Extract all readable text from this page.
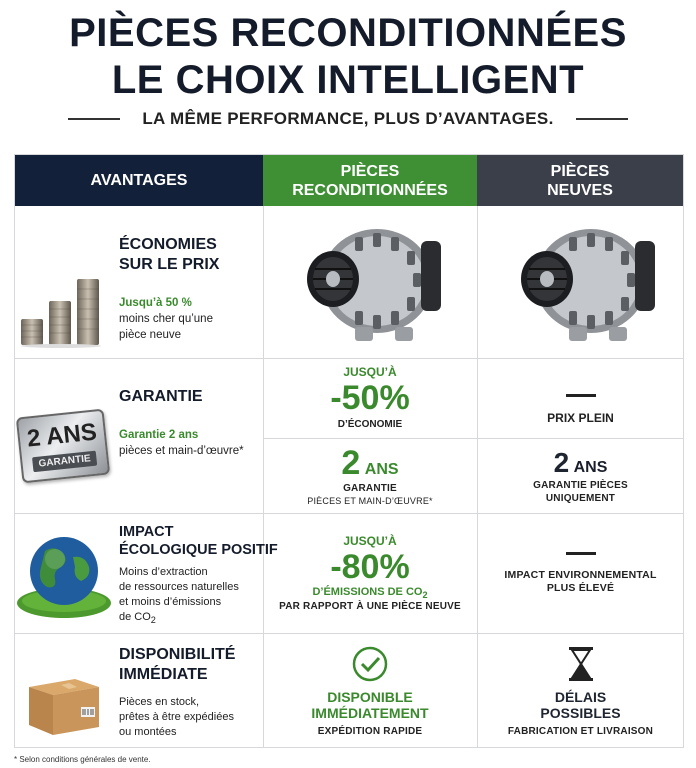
PIÈCES RECONDITIONNÉES
LE CHOIX INTELLIGENT
LA MÊME PERFORMANCE, PLUS D’AVANTAGES.
AVANTAGES
PIÈCES
RECONDITIONNÉES
PIÈCES
NEUVES
ÉCONOMIES
SUR LE PRIX
Jusqu’à 50 %
moins cher qu’une
pièce neuve
2 ANS
GARANTIE
GARANTIE
Garantie 2 ans
pièces et main-d’œuvre*
JUSQU’À
-50%
D’ÉCONOMIE
2 ANS
GARANTIE
PIÈCES ET MAIN-D’ŒUVRE*
PRIX PLEIN
2 ANS
GARANTIE PIÈCES
UNIQUEMENT
IMPACT
ÉCOLOGIQUE POSITIF
Moins d’extraction
de ressources naturelles
et moins d’émissions
de $CO_2$
JUSQU’À
-80%
D’ÉMISSIONS DE $CO_2$
PAR RAPPORT À UNE PIÈCE NEUVE
IMPACT ENVIRONNEMENTAL
PLUS ÉLEVÉ
DISPONIBILITÉ
IMMÉDIATE
Pièces en stock,
prêtes à être expédiées
ou montées
DISPONIBLE
IMMÉDIATEMENT
EXPÉDITION RAPIDE
DÉLAIS
POSSIBLES
FABRICATION ET LIVRAISON
* Selon conditions générales de vente.
